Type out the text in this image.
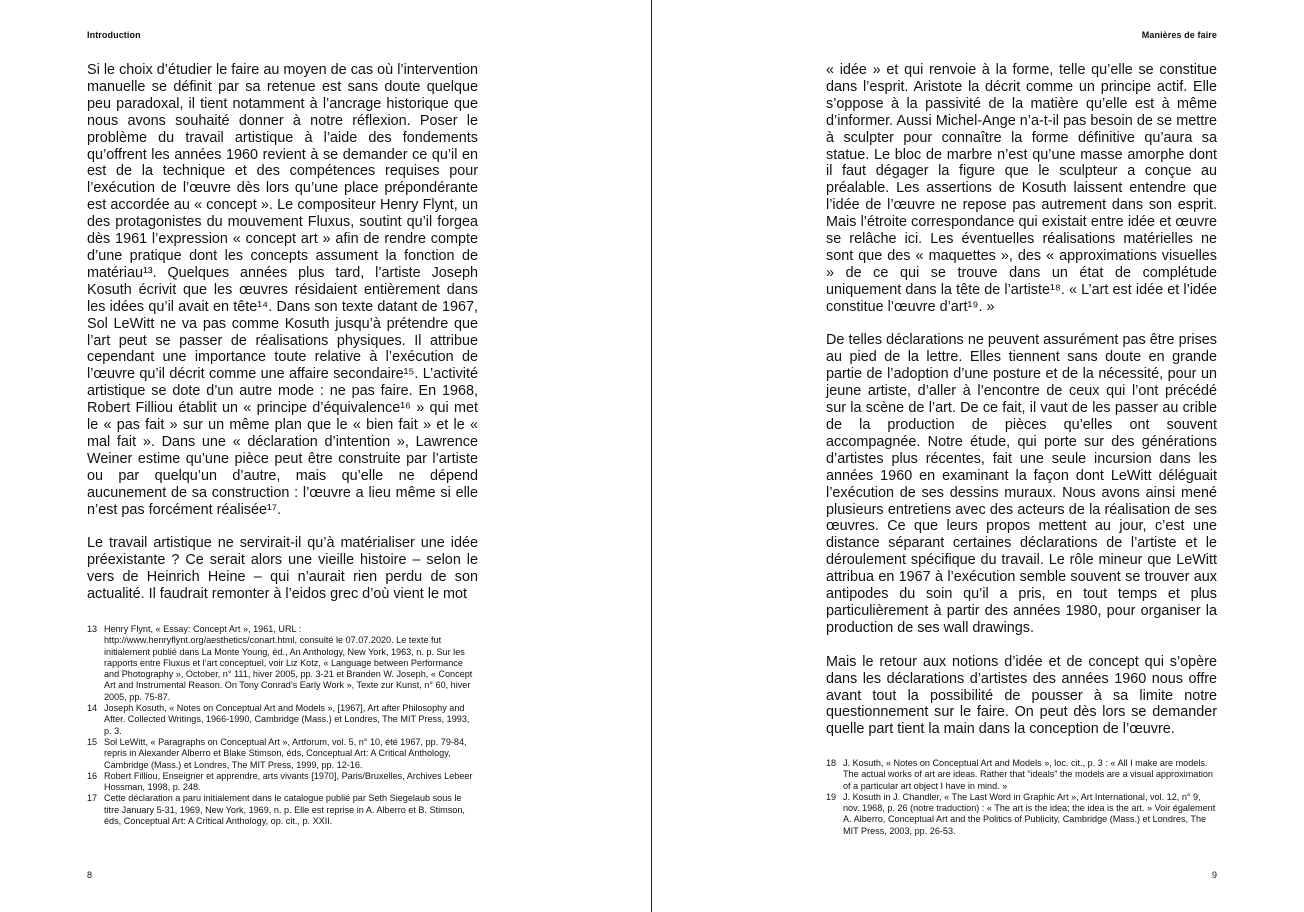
Introduction

Si le choix d’étudier le faire au moyen de cas où l’intervention manuelle se définit par sa retenue est sans doute quelque peu paradoxal, il tient notamment à l’ancrage historique que nous avons souhaité donner à notre réflexion. Poser le problème du travail artistique à l’aide des fondements qu’offrent les années 1960 revient à se demander ce qu’il en est de la technique et des compétences requises pour l’exécution de l’œuvre dès lors qu’une place prépondérante est accordée au « concept ». Le compositeur Henry Flynt, un des protagonistes du mouvement Fluxus, soutint qu’il forgea dès 1961 l’expression « concept art » afin de rendre compte d’une pratique dont les concepts assument la fonction de matériau¹³. Quelques années plus tard, l’artiste Joseph Kosuth écrivit que les œuvres résidaient entièrement dans les idées qu’il avait en tête¹⁴. Dans son texte datant de 1967, Sol LeWitt ne va pas comme Kosuth jusqu’à prétendre que l’art peut se passer de réalisations physiques. Il attribue cependant une importance toute relative à l’exécution de l’œuvre qu’il décrit comme une affaire secondaire¹⁵. L’activité artistique se dote d’un autre mode : ne pas faire. En 1968, Robert Filliou établit un « principe d’équivalence¹⁶ » qui met le « pas fait » sur un même plan que le « bien fait » et le « mal fait ». Dans une « déclaration d’intention », Lawrence Weiner estime qu’une pièce peut être construite par l’artiste ou par quelqu’un d’autre, mais qu’elle ne dépend aucunement de sa construction : l’œuvre a lieu même si elle n’est pas forcément réalisée¹⁷.

Le travail artistique ne servirait-il qu’à matérialiser une idée préexistante ? Ce serait alors une vieille histoire – selon le vers de Heinrich Heine – qui n’aurait rien perdu de son actualité. Il faudrait remonter à l’eidos grec d’où vient le mot

13 Henry Flynt, « Essay: Concept Art », 1961, URL : http://www.henryflynt.org/aesthetics/conart.html, consulté le 07.07.2020. Le texte fut initialement publié dans La Monte Young, éd., An Anthology, New York, 1963, n. p. Sur les rapports entre Fluxus et l’art conceptuel, voir Liz Kotz, « Language between Performance and Photography », October, n° 111, hiver 2005, pp. 3-21 et Branden W. Joseph, « Concept Art and Instrumental Reason. On Tony Conrad’s Early Work », Texte zur Kunst, n° 60, hiver 2005, pp. 75-87.
14 Joseph Kosuth, « Notes on Conceptual Art and Models », [1967], Art after Philosophy and After. Collected Writings, 1966-1990, Cambridge (Mass.) et Londres, The MIT Press, 1993, p. 3.
15 Sol LeWitt, « Paragraphs on Conceptual Art », Artforum, vol. 5, n° 10, été 1967, pp. 79-84, repris in Alexander Alberro et Blake Stimson, éds, Conceptual Art: A Critical Anthology, Cambridge (Mass.) et Londres, The MIT Press, 1999, pp. 12-16.
16 Robert Filliou, Enseigner et apprendre, arts vivants [1970], Paris/Bruxelles, Archives Lebeer Hossman, 1998, p. 248.
17 Cette déclaration a paru initialement dans le catalogue publié par Seth Siegelaub sous le titre January 5-31, 1969, New York, 1969, n. p. Elle est reprise in A. Alberro et B. Stimson, éds, Conceptual Art: A Critical Anthology, op. cit., p. XXII.
8
Manières de faire

« idée » et qui renvoie à la forme, telle qu’elle se constitue dans l’esprit. Aristote la décrit comme un principe actif. Elle s’oppose à la passivité de la matière qu’elle est à même d’informer. Aussi Michel-Ange n’a-t-il pas besoin de se mettre à sculpter pour connaître la forme définitive qu’aura sa statue. Le bloc de marbre n’est qu’une masse amorphe dont il faut dégager la figure que le sculpteur a conçue au préalable. Les assertions de Kosuth laissent entendre que l’idée de l’œuvre ne repose pas autrement dans son esprit. Mais l’étroite correspondance qui existait entre idée et œuvre se relâche ici. Les éventuelles réalisations matérielles ne sont que des « maquettes », des « approximations visuelles » de ce qui se trouve dans un état de complétude uniquement dans la tête de l’artiste¹⁸. « L’art est idée et l’idée constitue l’œuvre d’art¹⁹. »

De telles déclarations ne peuvent assurément pas être prises au pied de la lettre. Elles tiennent sans doute en grande partie de l’adoption d’une posture et de la nécessité, pour un jeune artiste, d’aller à l’encontre de ceux qui l’ont précédé sur la scène de l’art. De ce fait, il vaut de les passer au crible de la production de pièces qu’elles ont souvent accompagnée. Notre étude, qui porte sur des générations d’artistes plus récentes, fait une seule incursion dans les années 1960 en examinant la façon dont LeWitt déléguait l’exécution de ses dessins muraux. Nous avons ainsi mené plusieurs entretiens avec des acteurs de la réalisation de ses œuvres. Ce que leurs propos mettent au jour, c’est une distance séparant certaines déclarations de l’artiste et le déroulement spécifique du travail. Le rôle mineur que LeWitt attribua en 1967 à l’exécution semble souvent se trouver aux antipodes du soin qu’il a pris, en tout temps et plus particulièrement à partir des années 1980, pour organiser la production de ses wall drawings.

Mais le retour aux notions d’idée et de concept qui s’opère dans les déclarations d’artistes des années 1960 nous offre avant tout la possibilité de pousser à sa limite notre questionnement sur le faire. On peut dès lors se demander quelle part tient la main dans la conception de l’œuvre.

18 J. Kosuth, « Notes on Conceptual Art and Models », loc. cit., p. 3 : « All I make are models. The actual works of art are ideas. Rather that “ideals” the models are a visual approximation of a particular art object I have in mind. »
19 J. Kosuth in J. Chandler, « The Last Word in Graphic Art », Art International, vol. 12, n° 9, nov. 1968, p. 26 (notre traduction) : « The art is the idea; the idea is the art. » Voir également A. Alberro, Conceptual Art and the Politics of Publicity, Cambridge (Mass.) et Londres, The MIT Press, 2003, pp. 26-53.
9
